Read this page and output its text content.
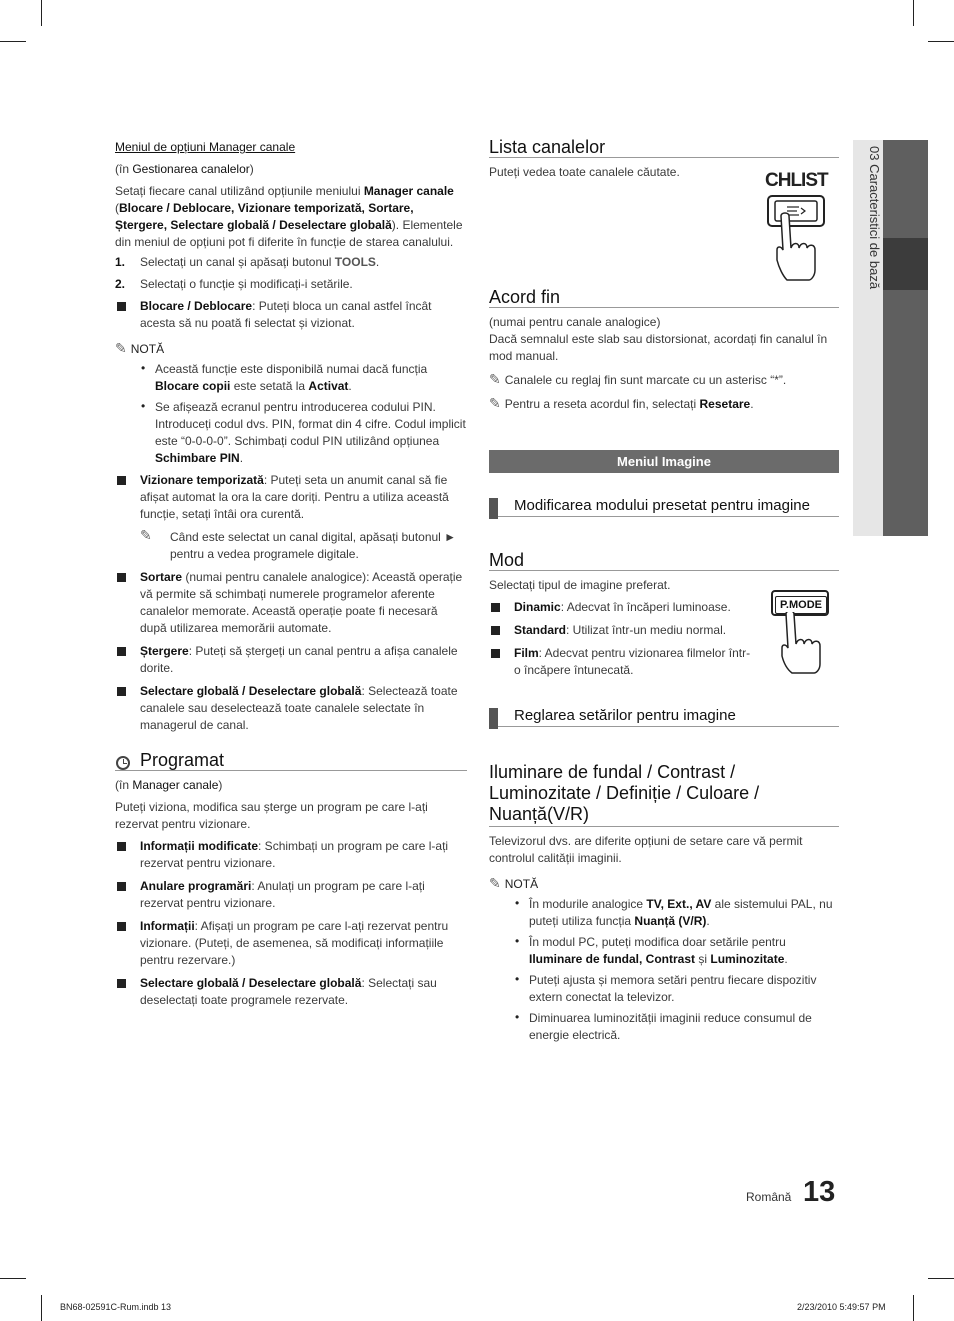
03 Caracteristici de bază

Meniul de opțiuni Manager canale

(în Gestionarea canalelor)

Setați fiecare canal utilizând opțiunile meniului Manager canale (Blocare / Deblocare, Vizionare temporizată, Sortare, Ștergere, Selectare globală / Deselectare globală). Elementele din meniul de opțiuni pot fi diferite în funcție de starea canalului.

1. Selectați un canal și apăsați butonul TOOLS.
2. Selectați o funcție și modificați-i setările.
Blocare / Deblocare: Puteți bloca un canal astfel încât acesta să nu poată fi selectat și vizionat.
✎ NOTĂ
• Această funcție este disponibilă numai dacă funcția Blocare copii este setată la Activat.
• Se afișează ecranul pentru introducerea codului PIN. Introduceți codul dvs. PIN, format din 4 cifre. Codul implicit este “0-0-0-0”. Schimbați codul PIN utilizând opțiunea Schimbare PIN.
Vizionare temporizată: Puteți seta un anumit canal să fie afișat automat la ora la care doriți. Pentru a utiliza această funcție, setați întâi ora curentă.
✎ Când este selectat un canal digital, apăsați butonul ► pentru a vedea programele digitale.
Sortare (numai pentru canalele analogice): Această operație vă permite să schimbați numerele programelor aferente canalelor memorate. Această operație poate fi necesară după utilizarea memorării automate.
Ștergere: Puteți să ștergeți un canal pentru a afișa canalele dorite.
Selectare globală / Deselectare globală: Selectează toate canalele sau deselectează toate canalele selectate în managerul de canal.
Programat

(în Manager canale)

Puteți viziona, modifica sau șterge un program pe care l-ați rezervat pentru vizionare.

Informații modificate: Schimbați un program pe care l-ați rezervat pentru vizionare.
Anulare programări: Anulați un program pe care l-ați rezervat pentru vizionare.
Informații: Afișați un program pe care l-ați rezervat pentru vizionare. (Puteți, de asemenea, să modificați informațiile pentru rezervare.)
Selectare globală / Deselectare globală: Selectați sau deselectați toate programele rezervate.
Lista canalelor

Puteți vedea toate canalele căutate.	CHLIST
Acord fin

(numai pentru canale analogice)

Dacă semnalul este slab sau distorsionat, acordați fin canalul în mod manual.

✎ Canalele cu reglaj fin sunt marcate cu un asterisc “*”.

✎ Pentru a reseta acordul fin, selectați Resetare.

Meniul Imagine
Modificarea modului presetat pentru imagine
Mod

Selectați tipul de imagine preferat.

Dinamic: Adecvat în încăperi luminoase.
Standard: Utilizat într-un mediu normal.
Film: Adecvat pentru vizionarea filmelor într-o încăpere întunecată.
P.MODE
Reglarea setărilor pentru imagine
Iluminare de fundal / Contrast / Luminozitate / Definiție / Culoare / Nuanță(V/R)

Televizorul dvs. are diferite opțiuni de setare care vă permit controlul calității imaginii.

✎ NOTĂ
• În modurile analogice TV, Ext., AV ale sistemului PAL, nu puteți utiliza funcția Nuanță (V/R).
• În modul PC, puteți modifica doar setările pentru Iluminare de fundal, Contrast și Luminozitate.
• Puteți ajusta și memora setări pentru fiecare dispozitiv extern conectat la televizor.
• Diminuarea luminozității imaginii reduce consumul de energie electrică.
Română 13
BN68-02591C-Rum.indb 13	2/23/2010 5:49:57 PM
